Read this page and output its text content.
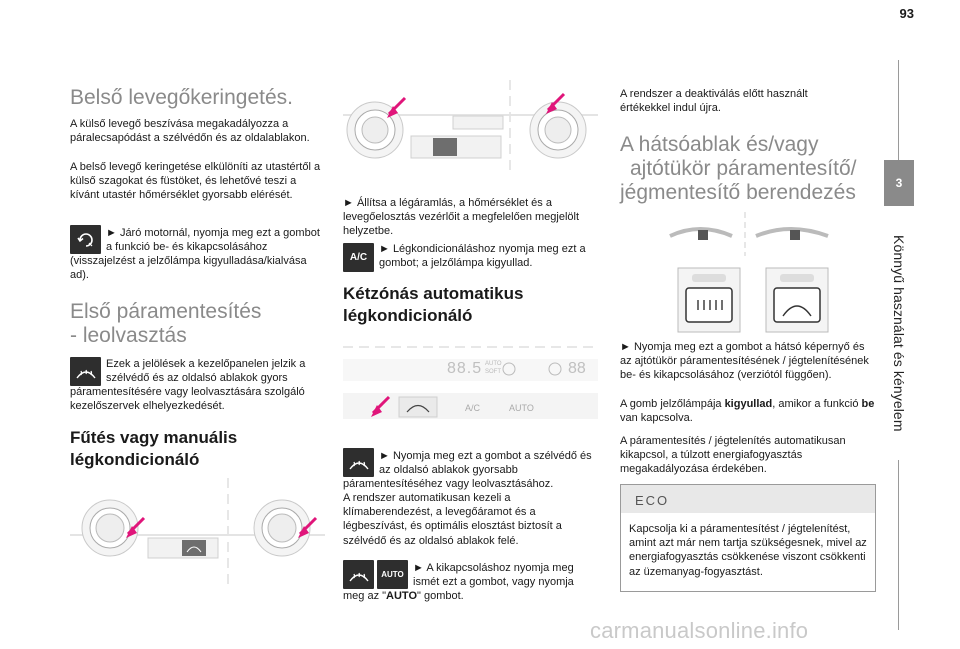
93
3
Könnyű használat és kényelem
Belső levegőkeringetés.

A külső levegő beszívása megakadályozza a páralecsapódást a szélvédőn és az oldalablakon.

A belső levegő keringetése elkülöníti az utastértől a külső szagokat és füstöket, és lehetővé teszi a kívánt utastér hőmérséklet gyorsabb elérését.

► Járó motornál, nyomja meg ezt a gombot a funkció be- és kikapcsolásához

(visszajelzést a jelzőlámpa kigyulladása/kialvása ad).

Első páramentesítés
- leolvasztás

Ezek a jelölések a kezelőpanelen jelzik a szélvédő és az oldalsó ablakok gyors

páramentesítésére vagy leolvasztására szolgáló kezelőszervek elhelyezkedését.

Fűtés vagy manuális
légkondicionáló

► Állítsa a légáramlás, a hőmérséklet és a levegőelosztás vezérlőit a megfelelően megjelölt helyzetbe.

A/C

► Légkondicionáláshoz nyomja meg ezt a gombot; a jelzőlámpa kigyullad.

Kétzónás automatikus
légkondicionáló
88.5 AUTO
SOFT	88
A/C	AUTO

► Nyomja meg ezt a gombot a szélvédő és az oldalsó ablakok gyorsabb

páramentesítéséhez vagy leolvasztásához.

A rendszer automatikusan kezeli a klímaberendezést, a levegőáramot és a légbeszívást, és optimális elosztást biztosít a szélvédő és az oldalsó ablakok felé.

AUTO

► A kikapcsoláshoz nyomja meg ismét ezt a gombot, vagy nyomja

meg az "AUTO" gombot.

A rendszer a deaktiválás előtt használt értékekkel indul újra.

A hátsóablak és/vagy
ajtótükör páramentesítő/
jégmentesítő berendezés

► Nyomja meg ezt a gombot a hátsó képernyő és az ajtótükör páramentesítésének / jégtelenítésének be- és kikapcsolásához (verziótól függően).

A gomb jelzőlámpája kigyullad, amikor a funkció be van kapcsolva.

A páramentesítés / jégtelenítés automatikusan kikapcsol, a túlzott energiafogyasztás megakadályozása érdekében.

ECO
Kapcsolja ki a páramentesítést / jégtelenítést, amint azt már nem tartja szükségesnek, mivel az energiafogyasztás csökkenése viszont csökkenti az üzemanyag-fogyasztást.
carmanualsonline.info
